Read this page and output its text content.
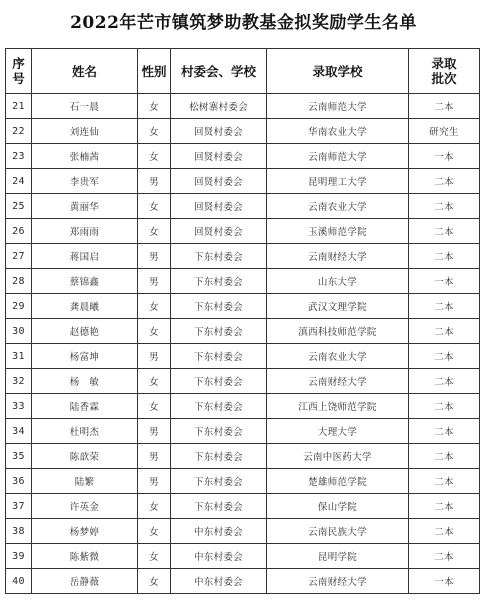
2022年芒市镇筑梦助教基金拟奖励学生名单
序
号	姓名	性别	村委会、学校	录取学校	录取
批次
21	石一晨	女	松树寨村委会	云南师范大学	二本
22	刘连仙	女	回贤村委会	华南农业大学	研究生
23	张楠茜	女	回贤村委会	云南师范大学	一本
24	李贵军	男	回贤村委会	昆明理工大学	二本
25	黄丽华	女	回贤村委会	云南农业大学	二本
26	郑雨雨	女	回贤村委会	玉溪师范学院	二本
27	蒋国启	男	下东村委会	云南财经大学	二本
28	蔡锦鑫	男	下东村委会	山东大学	一本
29	龚晨曦	女	下东村委会	武汉文理学院	二本
30	赵德艳	女	下东村委会	滇西科技师范学院	二本
31	杨富坤	男	下东村委会	云南农业大学	二本
32	杨　敏	女	下东村委会	云南财经大学	二本
33	陆香霖	女	下东村委会	江西上饶师范学院	二本
34	杜明杰	男	下东村委会	大理大学	二本
35	陈歆荣	男	下东村委会	云南中医药大学	二本
36	陆繁	男	下东村委会	楚雄师范学院	二本
37	许英金	女	下东村委会	保山学院	二本
38	杨梦婷	女	中东村委会	云南民族大学	二本
39	陈紫微	女	中东村委会	昆明学院	二本
40	岳静薇	女	中东村委会	云南财经大学	一本
